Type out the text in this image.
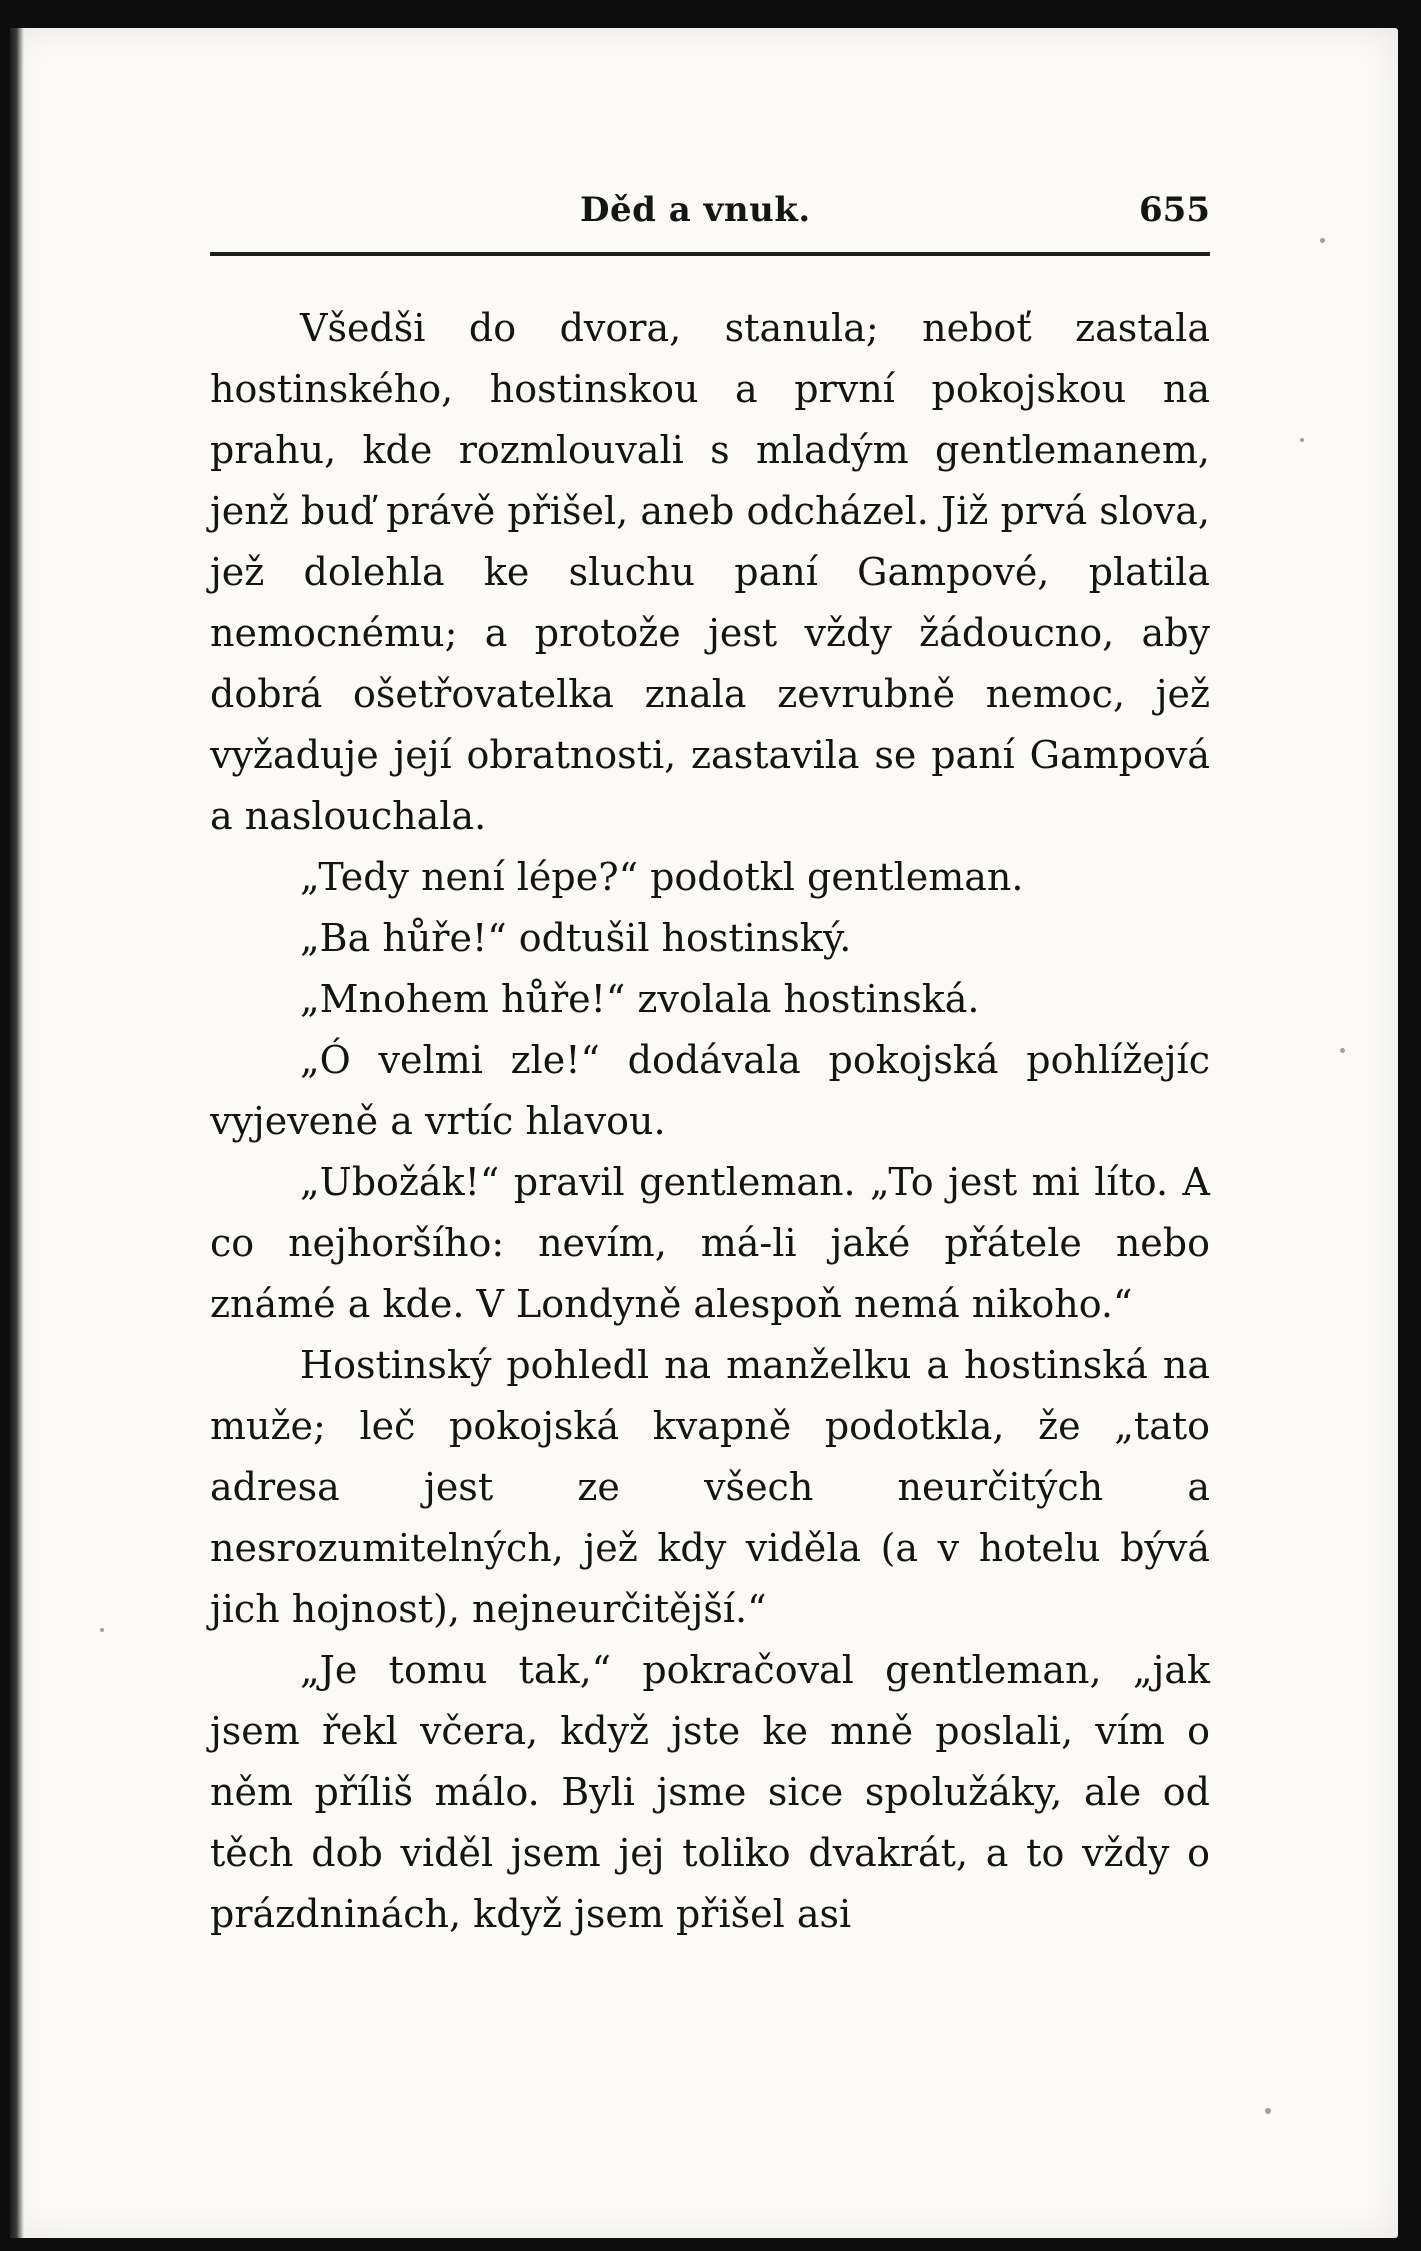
Děd a vnuk.	655

Všedši do dvora, stanula; neboť zastala hostinského, hostinskou a první pokojskou na prahu, kde rozmlouvali s mladým gentlemanem, jenž buď právě přišel, aneb odcházel. Již prvá slova, jež dolehla ke sluchu paní Gampové, platila nemocnému; a protože jest vždy žádoucno, aby dobrá ošetřovatelka znala zevrubně nemoc, jež vyžaduje její obratnosti, zastavila se paní Gampová a naslouchala.

„Tedy není lépe?“ podotkl gentleman.

„Ba hůře!“ odtušil hostinský.

„Mnohem hůře!“ zvolala hostinská.

„Ó velmi zle!“ dodávala pokojská pohlížejíc vyjeveně a vrtíc hlavou.

„Ubožák!“ pravil gentleman. „To jest mi líto. A co nejhoršího: nevím, má-li jaké přátele nebo známé a kde. V Londyně alespoň nemá nikoho.“

Hostinský pohledl na manželku a hostinská na muže; leč pokojská kvapně podotkla, že „tato adresa jest ze všech neurčitých a nesrozumitelných, jež kdy viděla (a v hotelu bývá jich hojnost), nejneurčitější.“

„Je tomu tak,“ pokračoval gentleman, „jak jsem řekl včera, když jste ke mně poslali, vím o něm příliš málo. Byli jsme sice spolužáky, ale od těch dob viděl jsem jej toliko dvakrát, a to vždy o prázdninách, když jsem přišel asi
